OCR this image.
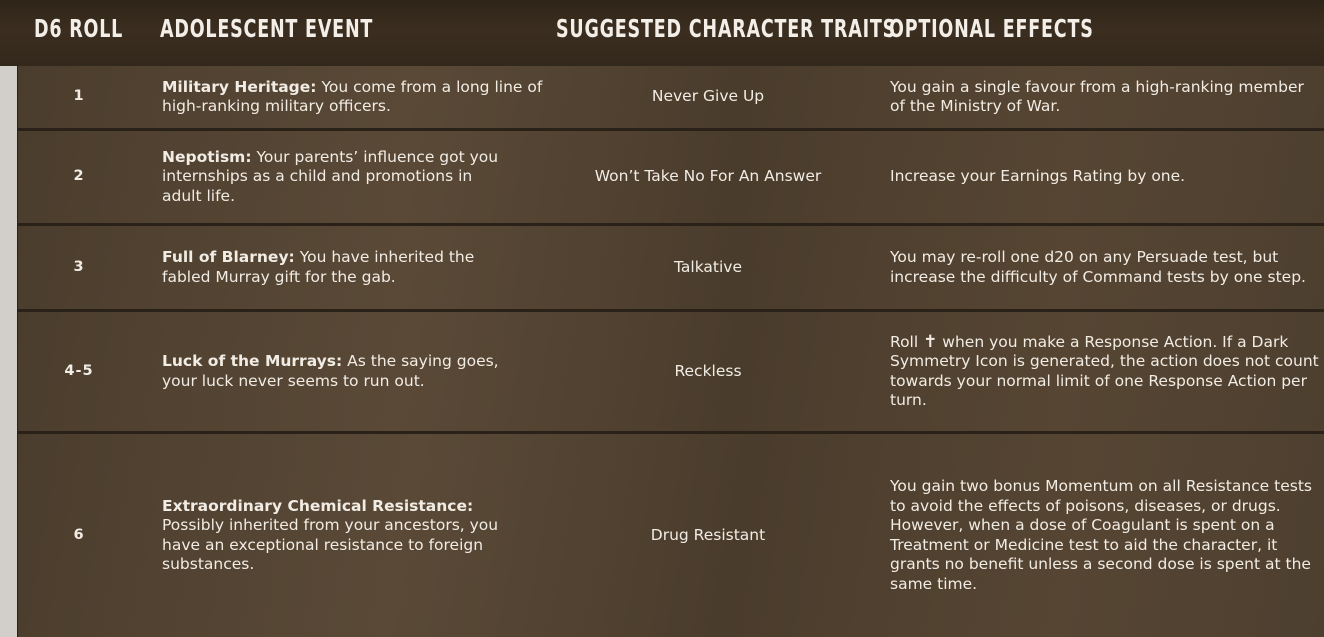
D6 ROLL ADOLESCENT EVENT	SUGGESTED CHARACTER TRAITS
OPTIONAL EFFECTS
1
Military Heritage: You come from a long line of high-ranking military officers.
Never Give Up
You gain a single favour from a high-ranking member of the Ministry of War.
2
Nepotism: Your parents’ influence got you internships as a child and promotions in adult life.
Won’t Take No For An Answer	Increase your Earnings Rating by one.
3
Full of Blarney: You have inherited the fabled Murray gift for the gab.
Talkative
You may re-roll one d20 on any Persuade test, but increase the difficulty of Command tests by one step.
4-5
Luck of the Murrays: As the saying goes, your luck never seems to run out.
Reckless
Roll ✝ when you make a Response Action. If a Dark Symmetry Icon is generated, the action does not count towards your normal limit of one Response Action per turn.
6
Extraordinary Chemical Resistance:
Possibly inherited from your ancestors, you have an exceptional resistance to foreign substances.
Drug Resistant
You gain two bonus Momentum on all Resistance tests to avoid the effects of poisons, diseases, or drugs. However, when a dose of Coagulant is spent on a Treatment or Medicine test to aid the character, it grants no benefit unless a second dose is spent at the same time.
